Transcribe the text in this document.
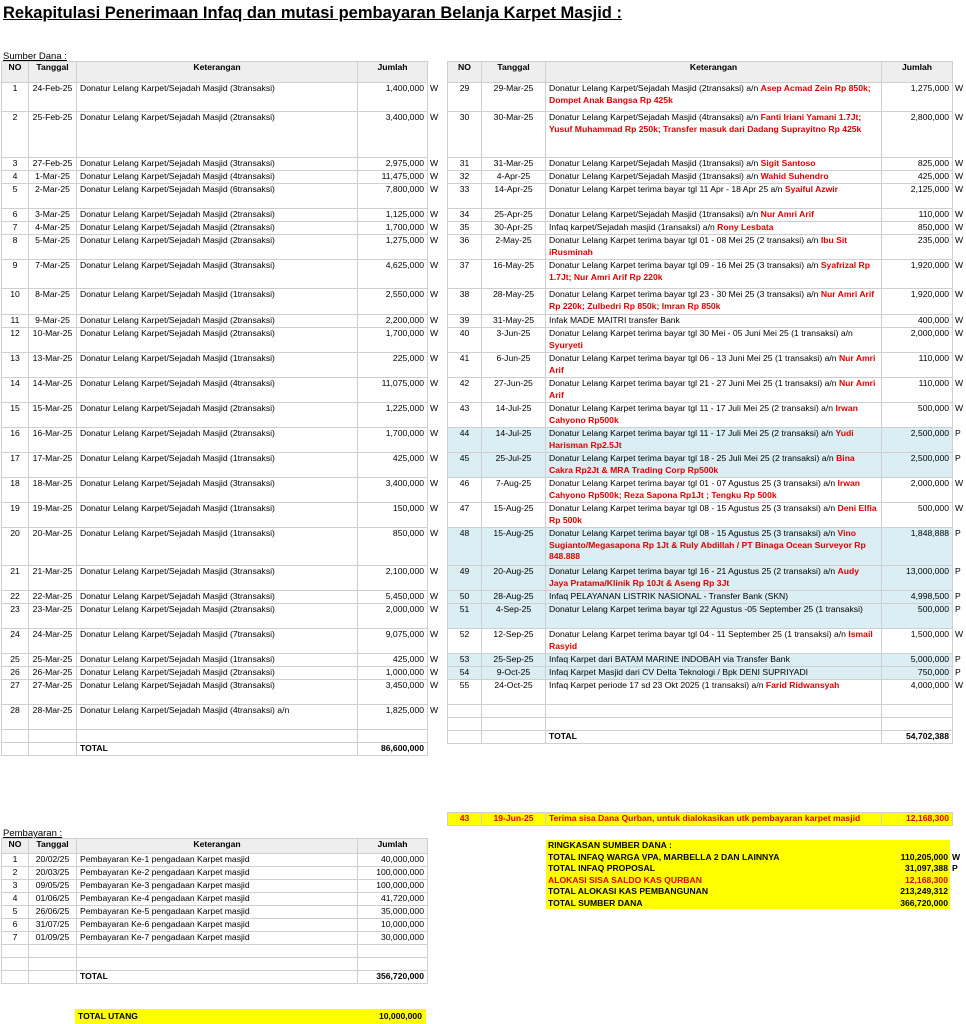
Rekapitulasi Penerimaan Infaq dan mutasi pembayaran Belanja Karpet Masjid :
Sumber Dana :
NO	Tanggal	Keterangan	Jumlah	
1	24-Feb-25	Donatur Lelang Karpet/Sejadah Masjid (3transaksi)	1,400,000	W
2	25-Feb-25	Donatur Lelang Karpet/Sejadah Masjid (2transaksi)	3,400,000	W
3	27-Feb-25	Donatur Lelang Karpet/Sejadah Masjid (3transaksi)	2,975,000	W
4	1-Mar-25	Donatur Lelang Karpet/Sejadah Masjid (4transaksi)	11,475,000	W
5	2-Mar-25	Donatur Lelang Karpet/Sejadah Masjid (6transaksi)	7,800,000	W
6	3-Mar-25	Donatur Lelang Karpet/Sejadah Masjid (2transaksi)	1,125,000	W
7	4-Mar-25	Donatur Lelang Karpet/Sejadah Masjid (2transaksi)	1,700,000	W
8	5-Mar-25	Donatur Lelang Karpet/Sejadah Masjid (2transaksi)	1,275,000	W
9	7-Mar-25	Donatur Lelang Karpet/Sejadah Masjid (3transaksi)	4,625,000	W
10	8-Mar-25	Donatur Lelang Karpet/Sejadah Masjid (1transaksi)	2,550,000	W
11	9-Mar-25	Donatur Lelang Karpet/Sejadah Masjid (2transaksi)	2,200,000	W
12	10-Mar-25	Donatur Lelang Karpet/Sejadah Masjid (2transaksi)	1,700,000	W
13	13-Mar-25	Donatur Lelang Karpet/Sejadah Masjid (1transaksi)	225,000	W
14	14-Mar-25	Donatur Lelang Karpet/Sejadah Masjid (4transaksi)	11,075,000	W
15	15-Mar-25	Donatur Lelang Karpet/Sejadah Masjid (2transaksi)	1,225,000	W
16	16-Mar-25	Donatur Lelang Karpet/Sejadah Masjid (2transaksi)	1,700,000	W
17	17-Mar-25	Donatur Lelang Karpet/Sejadah Masjid (1transaksi)	425,000	W
18	18-Mar-25	Donatur Lelang Karpet/Sejadah Masjid (3transaksi)	3,400,000	W
19	19-Mar-25	Donatur Lelang Karpet/Sejadah Masjid (1transaksi)	150,000	W
20	20-Mar-25	Donatur Lelang Karpet/Sejadah Masjid (1transaksi)	850,000	W
21	21-Mar-25	Donatur Lelang Karpet/Sejadah Masjid (3transaksi)	2,100,000	W
22	22-Mar-25	Donatur Lelang Karpet/Sejadah Masjid (3transaksi)	5,450,000	W
23	23-Mar-25	Donatur Lelang Karpet/Sejadah Masjid (2transaksi)	2,000,000	W
24	24-Mar-25	Donatur Lelang Karpet/Sejadah Masjid (7transaksi)	9,075,000	W
25	25-Mar-25	Donatur Lelang Karpet/Sejadah Masjid (1transaksi)	425,000	W
26	26-Mar-25	Donatur Lelang Karpet/Sejadah Masjid (2transaksi)	1,000,000	W
27	27-Mar-25	Donatur Lelang Karpet/Sejadah Masjid (3transaksi)	3,450,000	W
28	28-Mar-25	Donatur Lelang Karpet/Sejadah Masjid (4transaksi) a/n	1,825,000	W

		TOTAL	86,600,000	
NO	Tanggal	Keterangan	Jumlah	
29	29-Mar-25	Donatur Lelang Karpet/Sejadah Masjid (2transaksi) a/n Asep Acmad Zein Rp 850k; Dompet Anak Bangsa Rp 425k	1,275,000	W
30	30-Mar-25	Donatur Lelang Karpet/Sejadah Masjid (4transaksi) a/n Fanti Iriani Yamani 1.7Jt; Yusuf Muhammad Rp 250k; Transfer masuk dari Dadang Suprayitno Rp 425k	2,800,000	W
31	31-Mar-25	Donatur Lelang Karpet/Sejadah Masjid (1transaksi) a/n Sigit Santoso	825,000	W
32	4-Apr-25	Donatur Lelang Karpet/Sejadah Masjid (1transaksi) a/n Wahid Suhendro	425,000	W
33	14-Apr-25	Donatur Lelang Karpet terima bayar tgl 11 Apr - 18 Apr 25 a/n Syaiful Azwir	2,125,000	W
34	25-Apr-25	Donatur Lelang Karpet/Sejadah Masjid (1transaksi) a/n Nur Amri Arif	110,000	W
35	30-Apr-25	Infaq karpet/Sejadah masjid (1ransaksi) a/n Rony Lesbata	850,000	W
36	2-May-25	Donatur Lelang Karpet terima bayar tgl 01 - 08 Mei 25 (2 transaksi) a/n Ibu Sit iRusminah	235,000	W
37	16-May-25	Donatur Lelang Karpet terima bayar tgl 09 - 16 Mei 25 (3 transaksi) a/n Syafrizal Rp 1.7Jt; Nur Amri Arif Rp 220k	1,920,000	W
38	28-May-25	Donatur Lelang Karpet terima bayar tgl 23 - 30 Mei 25 (3 transaksi) a/n Nur Amri Arif Rp 220k; Zulbedri Rp 850k; Imran Rp 850k	1,920,000	W
39	31-May-25	Infak MADE MAITRI transfer Bank	400,000	W
40	3-Jun-25	Donatur Lelang Karpet terima bayar tgl 30 Mei - 05 Juni Mei 25 (1 transaksi) a/n Syuryeti	2,000,000	W
41	6-Jun-25	Donatur Lelang Karpet terima bayar tgl 06 - 13 Juni Mei 25 (1 transaksi) a/n Nur Amri Arif	110,000	W
42	27-Jun-25	Donatur Lelang Karpet terima bayar tgl 21 - 27 Juni Mei 25 (1 transaksi) a/n Nur Amri Arif	110,000	W
43	14-Jul-25	Donatur Lelang Karpet terima bayar tgl 11 - 17 Juli Mei 25 (2 transaksi) a/n Irwan Cahyono Rp500k	500,000	W
44	14-Jul-25	Donatur Lelang Karpet terima bayar tgl 11 - 17 Juli Mei 25 (2 transaksi) a/n Yudi Harisman Rp2.5Jt	2,500,000	P
45	25-Jul-25	Donatur Lelang Karpet terima bayar tgl 18 - 25 Juli Mei 25 (2 transaksi) a/n Bina Cakra Rp2Jt & MRA Trading Corp Rp500k	2,500,000	P
46	7-Aug-25	Donatur Lelang Karpet terima bayar tgl 01 - 07 Agustus 25 (3 transaksi) a/n Irwan Cahyono Rp500k; Reza Sapona Rp1Jt ; Tengku Rp 500k	2,000,000	W
47	15-Aug-25	Donatur Lelang Karpet terima bayar tgl 08 - 15 Agustus 25 (3 transaksi) a/n Deni Elfia Rp 500k	500,000	W
48	15-Aug-25	Donatur Lelang Karpet terima bayar tgl 08 - 15 Agustus 25 (3 transaksi) a/n Vino Sugianto/Megasapona Rp 1Jt & Ruly Abdillah / PT Binaga Ocean Surveyor Rp 848.888	1,848,888	P
49	20-Aug-25	Donatur Lelang Karpet terima bayar tgl 16 - 21 Agustus 25 (2 transaksi) a/n Audy Jaya Pratama/Klinik Rp 10Jt & Aseng Rp 3Jt	13,000,000	P
50	28-Aug-25	Infaq PELAYANAN LISTRIK NASIONAL - Transfer Bank (SKN)	4,998,500	P
51	4-Sep-25	Donatur Lelang Karpet terima bayar tgl 22 Agustus -05 September 25 (1 transaksi)	500,000	P
52	12-Sep-25	Donatur Lelang Karpet terima bayar tgl 04 - 11 September 25 (1 transaksi) a/n Ismail Rasyid	1,500,000	W
53	25-Sep-25	Infaq Karpet dari BATAM MARINE INDOBAH via Transfer Bank	5,000,000	P
54	9-Oct-25	Infaq Karpet Masjid dari CV Delta Teknologi / Bpk DENI SUPRIYADI	750,000	P
55	24-Oct-25	Infaq Karpet periode 17 sd 23 Okt 2025 (1 transaksi) a/n Farid Ridwansyah	4,000,000	W

		TOTAL	54,702,388	
43	19-Jun-25	Terima sisa Dana Qurban, untuk dialokasikan utk pembayaran karpet masjid	12,168,300	
Pembayaran :
NO	Tanggal	Keterangan	Jumlah
1	20/02/25	Pembayaran Ke-1 pengadaan Karpet masjid	40,000,000
2	20/03/25	Pembayaran Ke-2 pengadaan Karpet masjid	100,000,000
3	09/05/25	Pembayaran Ke-3 pengadaan Karpet masjid	100,000,000
4	01/06/25	Pembayaran Ke-4 pengadaan Karpet masjid	41,720,000
5	26/06/25	Pembayaran Ke-5 pengadaan Karpet masjid	35,000,000
6	31/07/25	Pembayaran Ke-6 pengadaan Karpet masjid	10,000,000
7	01/09/25	Pembayaran Ke-7 pengadaan Karpet masjid	30,000,000

		TOTAL	356,720,000
TOTAL UTANG	10,000,000
RINGKASAN SUMBER DANA :		
TOTAL INFAQ WARGA VPA, MARBELLA 2 DAN LAINNYA	110,205,000	W
TOTAL INFAQ PROPOSAL	31,097,388	P
ALOKASI SISA SALDO KAS QURBAN	12,168,300	
TOTAL ALOKASI KAS PEMBANGUNAN	213,249,312	
TOTAL SUMBER DANA	366,720,000	
